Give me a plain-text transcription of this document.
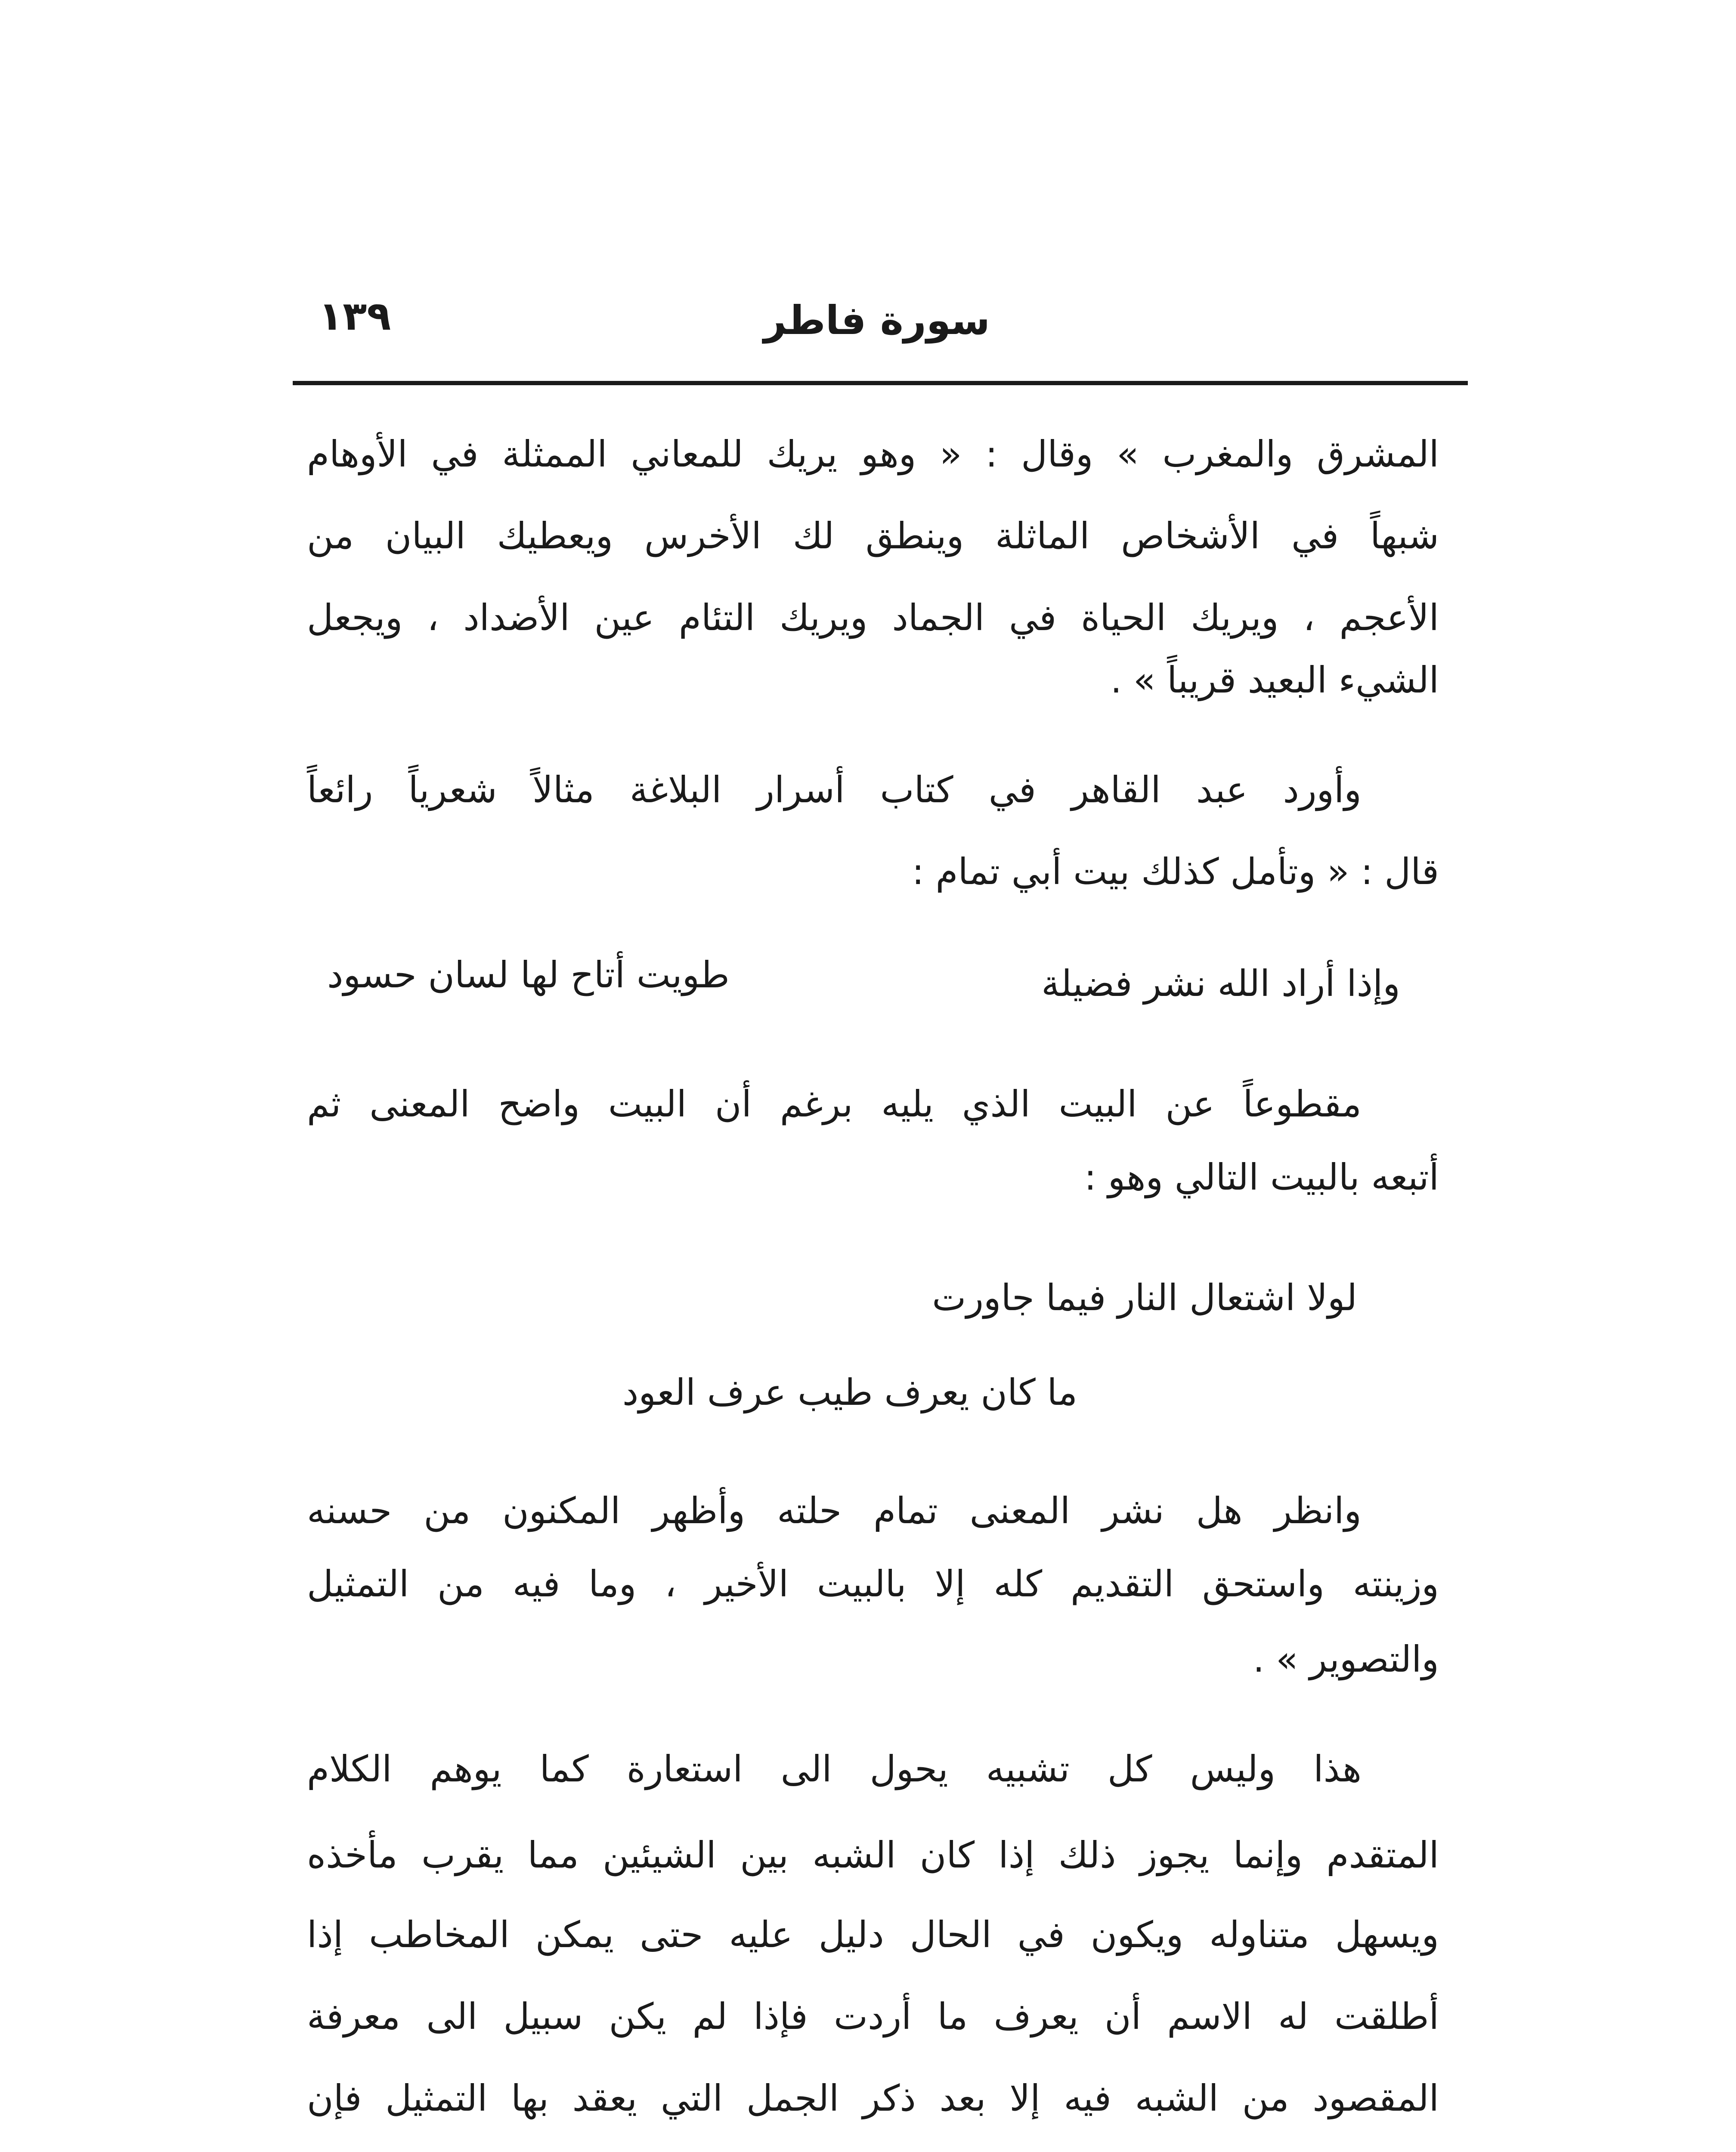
سورة فاطر
١٣٩
المشرق والمغرب » وقال : « وهو يريك للمعاني الممثلة في الأوهام
شبهاً في الأشخاص الماثلة وينطق لك الأخرس ويعطيك البيان من
الأعجم ، ويريك الحياة في الجماد ويريك التئام عين الأضداد ، ويجعل
الشيء البعيد قريباً » .
وأورد عبد القاهر في كتاب أسرار البلاغة مثالاً شعرياً رائعاً
قال : « وتأمل كذلك بيت أبي تمام :
وإذا أراد الله نشر فضيلة
طويت أتاح لها لسان حسود
مقطوعاً عن البيت الذي يليه برغم أن البيت واضح المعنى ثم
أتبعه بالبيت التالي وهو :
لولا اشتعال النار فيما جاورت
ما كان يعرف طيب عرف العود
وانظر هل نشر المعنى تمام حلته وأظهر المكنون من حسنه
وزينته واستحق التقديم كله إلا بالبيت الأخير ، وما فيه من التمثيل
والتصوير » .
هذا وليس كل تشبيه يحول الى استعارة كما يوهم الكلام
المتقدم وإنما يجوز ذلك إذا كان الشبه بين الشيئين مما يقرب مأخذه
ويسهل متناوله ويكون في الحال دليل عليه حتى يمكن المخاطب إذا
أطلقت له الاسم أن يعرف ما أردت فإذا لم يكن سبيل الى معرفة
المقصود من الشبه فيه إلا بعد ذكر الجمل التي يعقد بها التمثيل فإن
